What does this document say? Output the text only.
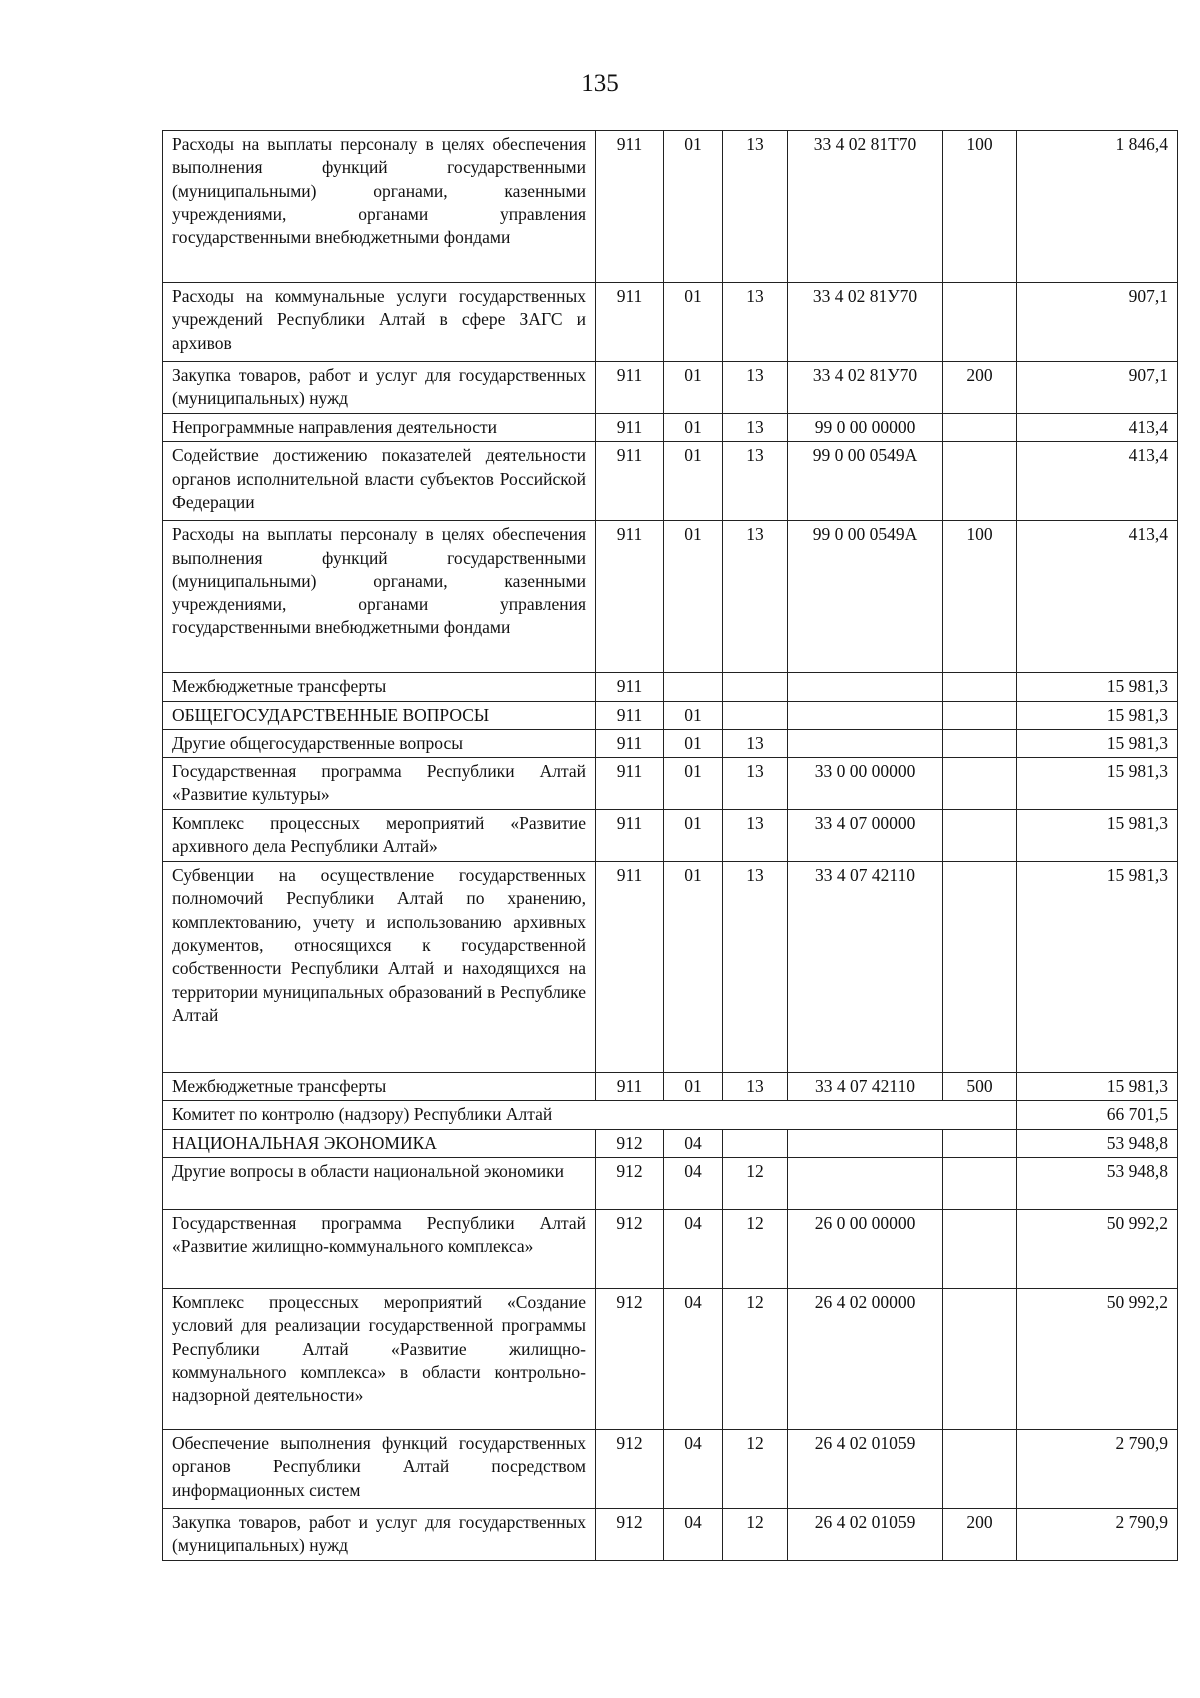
135
Расходы на выплаты персоналу в целях обеспечения выполнения функций государственными (муниципальными) органами, казенными учреждениями, органами управления государственными внебюджетными фондами	911	01	13	33 4 02 81Т70	100	1 846,4
Расходы на коммунальные услуги государственных учреждений Республики Алтай в сфере ЗАГС и архивов	911	01	13	33 4 02 81У70		907,1
Закупка товаров, работ и услуг для государственных (муниципальных) нужд	911	01	13	33 4 02 81У70	200	907,1
Непрограммные направления деятельности	911	01	13	99 0 00 00000		413,4
Содействие достижению показателей деятельности органов исполнительной власти субъектов Российской Федерации	911	01	13	99 0 00 0549А		413,4
Расходы на выплаты персоналу в целях обеспечения выполнения функций государственными (муниципальными) органами, казенными учреждениями, органами управления государственными внебюджетными фондами	911	01	13	99 0 00 0549А	100	413,4
Межбюджетные трансферты	911					15 981,3
ОБЩЕГОСУДАРСТВЕННЫЕ ВОПРОСЫ	911	01				15 981,3
Другие общегосударственные вопросы	911	01	13			15 981,3
Государственная программа Республики Алтай «Развитие культуры»	911	01	13	33 0 00 00000		15 981,3
Комплекс процессных мероприятий «Развитие архивного дела Республики Алтай»	911	01	13	33 4 07 00000		15 981,3
Субвенции на осуществление государственных полномочий Республики Алтай по хранению, комплектованию, учету и использованию архивных документов, относящихся к государственной собственности Республики Алтай и находящихся на территории муниципальных образований в Республике Алтай	911	01	13	33 4 07 42110		15 981,3
Межбюджетные трансферты	911	01	13	33 4 07 42110	500	15 981,3
Комитет по контролю (надзору) Республики Алтай						66 701,5
НАЦИОНАЛЬНАЯ ЭКОНОМИКА	912	04				53 948,8
Другие вопросы в области национальной экономики	912	04	12			53 948,8
Государственная программа Республики Алтай «Развитие жилищно-коммунального комплекса»	912	04	12	26 0 00 00000		50 992,2
Комплекс процессных мероприятий «Создание условий для реализации государственной программы Республики Алтай «Развитие жилищно-коммунального комплекса» в области контрольно-надзорной деятельности»	912	04	12	26 4 02 00000		50 992,2
Обеспечение выполнения функций государственных органов Республики Алтай посредством информационных систем	912	04	12	26 4 02 01059		2 790,9
Закупка товаров, работ и услуг для государственных (муниципальных) нужд	912	04	12	26 4 02 01059	200	2 790,9
